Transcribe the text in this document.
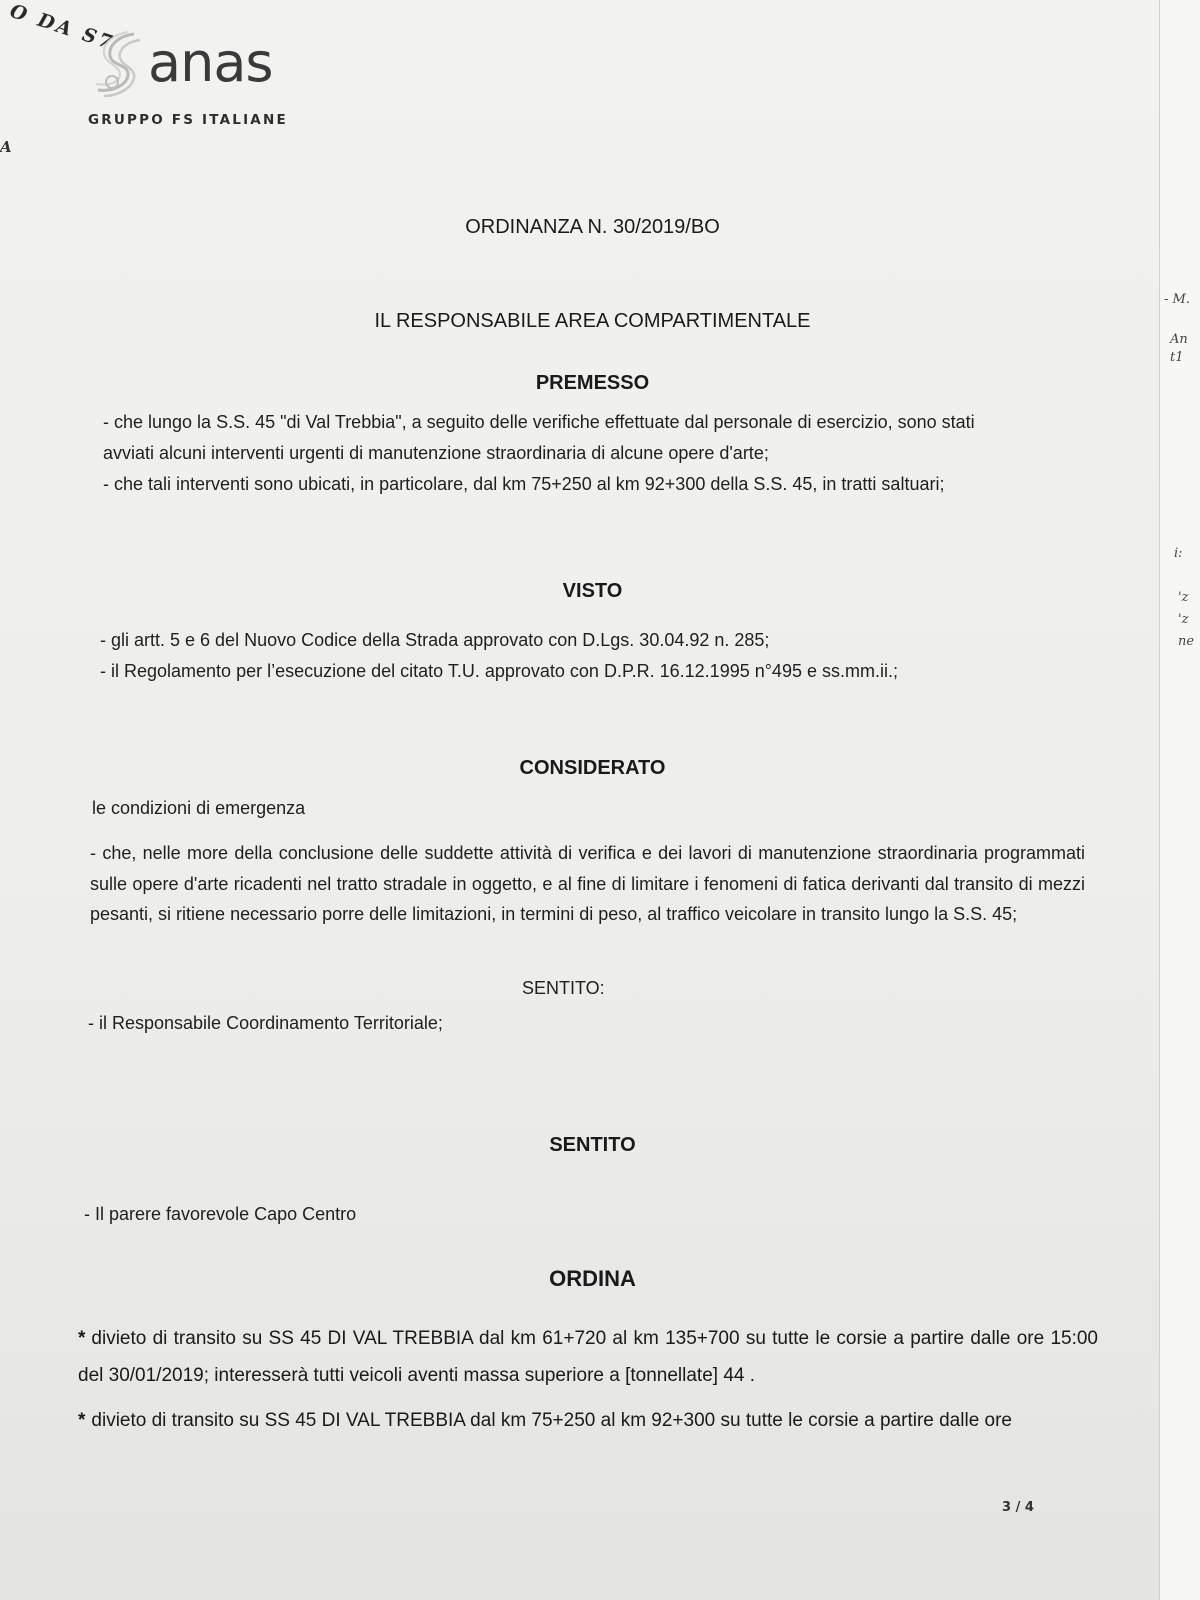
O DA S7
A
anas
GRUPPO FS ITALIANE
ORDINANZA N. 30/2019/BO
IL RESPONSABILE AREA COMPARTIMENTALE
PREMESSO
- che lungo la S.S. 45 "di Val Trebbia", a seguito delle verifiche effettuate dal personale di esercizio, sono stati
avviati alcuni interventi urgenti di manutenzione straordinaria di alcune opere d'arte;
- che tali interventi sono ubicati, in particolare, dal km 75+250 al km 92+300 della S.S. 45, in tratti saltuari;
VISTO
- gli artt. 5 e 6 del Nuovo Codice della Strada approvato con D.Lgs. 30.04.92 n. 285;
- il Regolamento per l’esecuzione del citato T.U. approvato con D.P.R. 16.12.1995 n°495 e ss.mm.ii.;
CONSIDERATO
le condizioni di emergenza
- che, nelle more della conclusione delle suddette attività di verifica e dei lavori di manutenzione straordinaria programmati sulle opere d'arte ricadenti nel tratto stradale in oggetto, e al fine di limitare i fenomeni di fatica derivanti dal transito di mezzi pesanti, si ritiene necessario porre delle limitazioni, in termini di peso, al traffico veicolare in transito lungo la S.S. 45;
SENTITO:
- il Responsabile Coordinamento Territoriale;
SENTITO
- Il parere favorevole Capo Centro
ORDINA
* divieto di transito su SS 45 DI VAL TREBBIA dal km 61+720 al km 135+700 su tutte le corsie a partire dalle ore 15:00 del 30/01/2019; interesserà tutti veicoli aventi massa superiore a [tonnellate] 44 .
* divieto di transito su SS 45 DI VAL TREBBIA dal km 75+250 al km 92+300 su tutte le corsie a partire dalle ore
3 / 4
- M.
An
t1
i:
'z
'z
ne
